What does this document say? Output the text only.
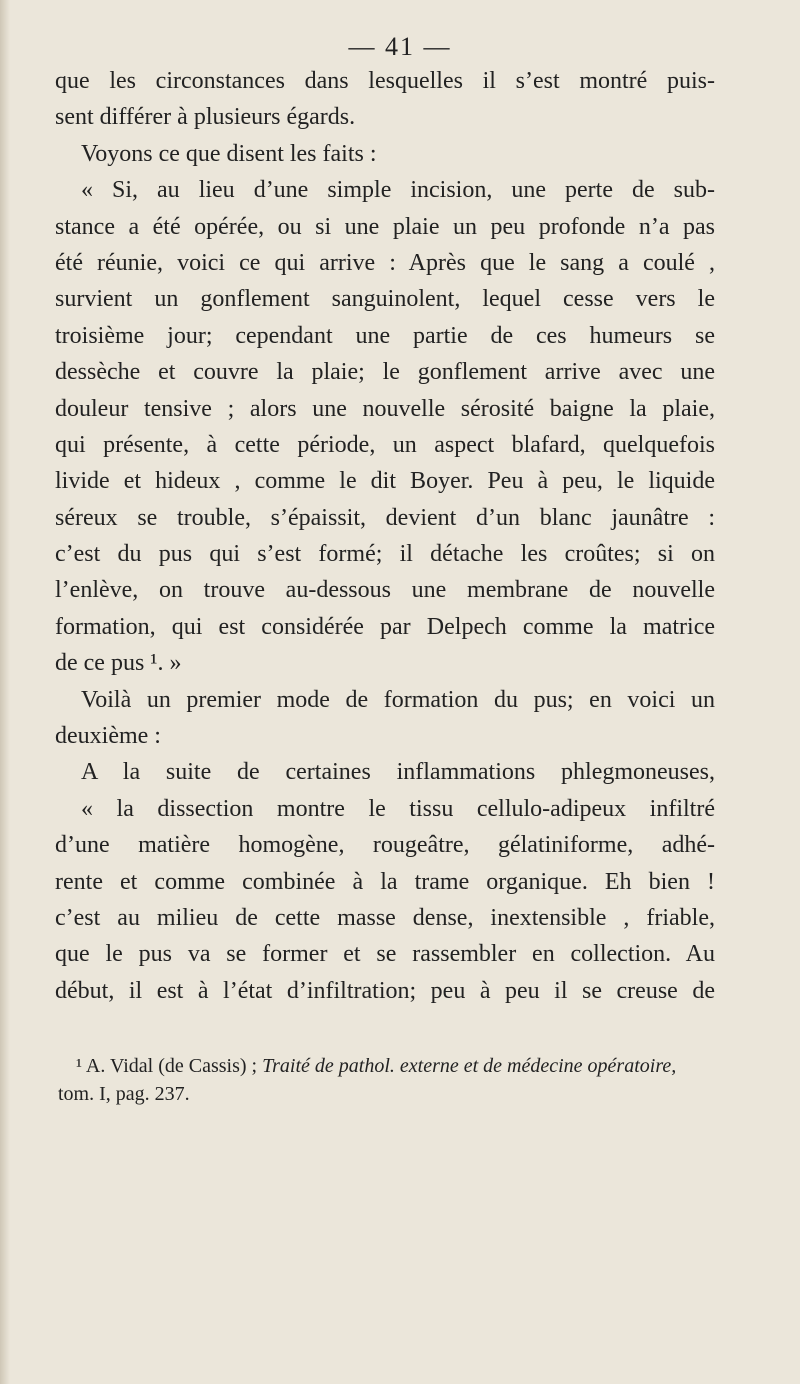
— 41 —
que les circonstances dans lesquelles il s’est montré puis-
sent différer à plusieurs égards.
Voyons ce que disent les faits :
« Si, au lieu d’une simple incision, une perte de sub-
stance a été opérée, ou si une plaie un peu profonde n’a pas
été réunie, voici ce qui arrive : Après que le sang a coulé ,
survient un gonflement sanguinolent, lequel cesse vers le
troisième jour; cependant une partie de ces humeurs se
dessèche et couvre la plaie; le gonflement arrive avec une
douleur tensive ; alors une nouvelle sérosité baigne la plaie,
qui présente, à cette période, un aspect blafard, quelquefois
livide et hideux , comme le dit Boyer. Peu à peu, le liquide
séreux se trouble, s’épaissit, devient d’un blanc jaunâtre :
c’est du pus qui s’est formé; il détache les croûtes; si on
l’enlève, on trouve au-dessous une membrane de nouvelle
formation, qui est considérée par Delpech comme la matrice
de ce pus ¹. »
Voilà un premier mode de formation du pus; en voici un
deuxième :
A la suite de certaines inflammations phlegmoneuses,
« la dissection montre le tissu cellulo-adipeux infiltré
d’une matière homogène, rougeâtre, gélatiniforme, adhé-
rente et comme combinée à la trame organique. Eh bien !
c’est au milieu de cette masse dense, inextensible , friable,
que le pus va se former et se rassembler en collection. Au
début, il est à l’état d’infiltration; peu à peu il se creuse de
¹ A. Vidal (de Cassis) ; Traité de pathol. externe et de médecine opératoire,
tom. I, pag. 237.
